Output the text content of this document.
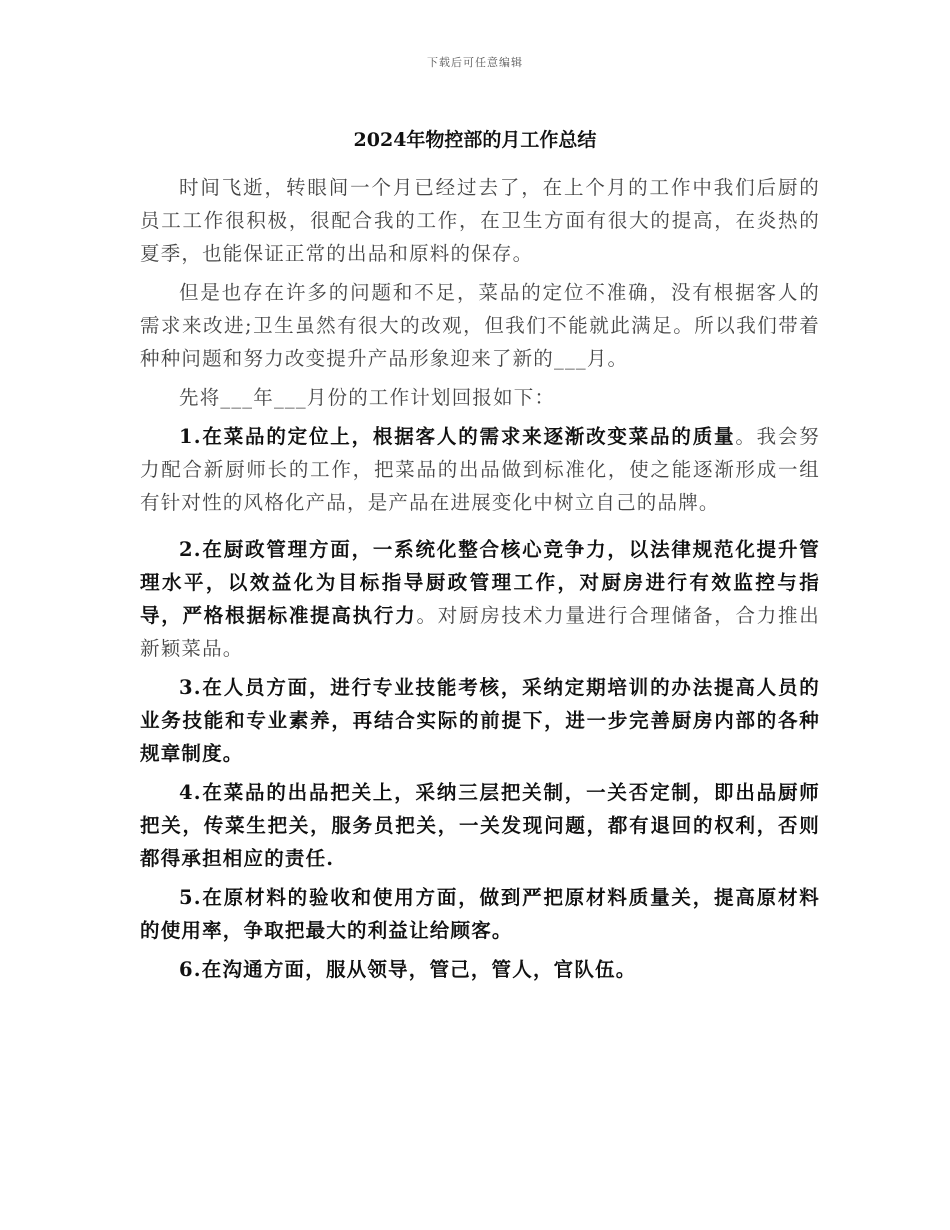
下载后可任意编辑
2024年物控部的月工作总结

时间飞逝，转眼间一个月已经过去了，在上个月的工作中我们后厨的员工工作很积极，很配合我的工作，在卫生方面有很大的提高，在炎热的夏季，也能保证正常的出品和原料的保存。

但是也存在许多的问题和不足，菜品的定位不准确，没有根据客人的需求来改进;卫生虽然有很大的改观，但我们不能就此满足。所以我们带着种种问题和努力改变提升产品形象迎来了新的___月。

先将___年___月份的工作计划回报如下：

1.在菜品的定位上，根据客人的需求来逐渐改变菜品的质量。我会努力配合新厨师长的工作，把菜品的出品做到标准化，使之能逐渐形成一组有针对性的风格化产品，是产品在进展变化中树立自己的品牌。

2.在厨政管理方面，一系统化整合核心竞争力，以法律规范化提升管理水平，以效益化为目标指导厨政管理工作，对厨房进行有效监控与指导，严格根据标准提高执行力。对厨房技术力量进行合理储备，合力推出新颖菜品。

3.在人员方面，进行专业技能考核，采纳定期培训的办法提高人员的业务技能和专业素养，再结合实际的前提下，进一步完善厨房内部的各种规章制度。

4.在菜品的出品把关上，采纳三层把关制，一关否定制，即出品厨师把关，传菜生把关，服务员把关，一关发现问题，都有退回的权利，否则都得承担相应的责任.

5.在原材料的验收和使用方面，做到严把原材料质量关，提高原材料的使用率，争取把最大的利益让给顾客。

6.在沟通方面，服从领导，管己，管人，官队伍。
